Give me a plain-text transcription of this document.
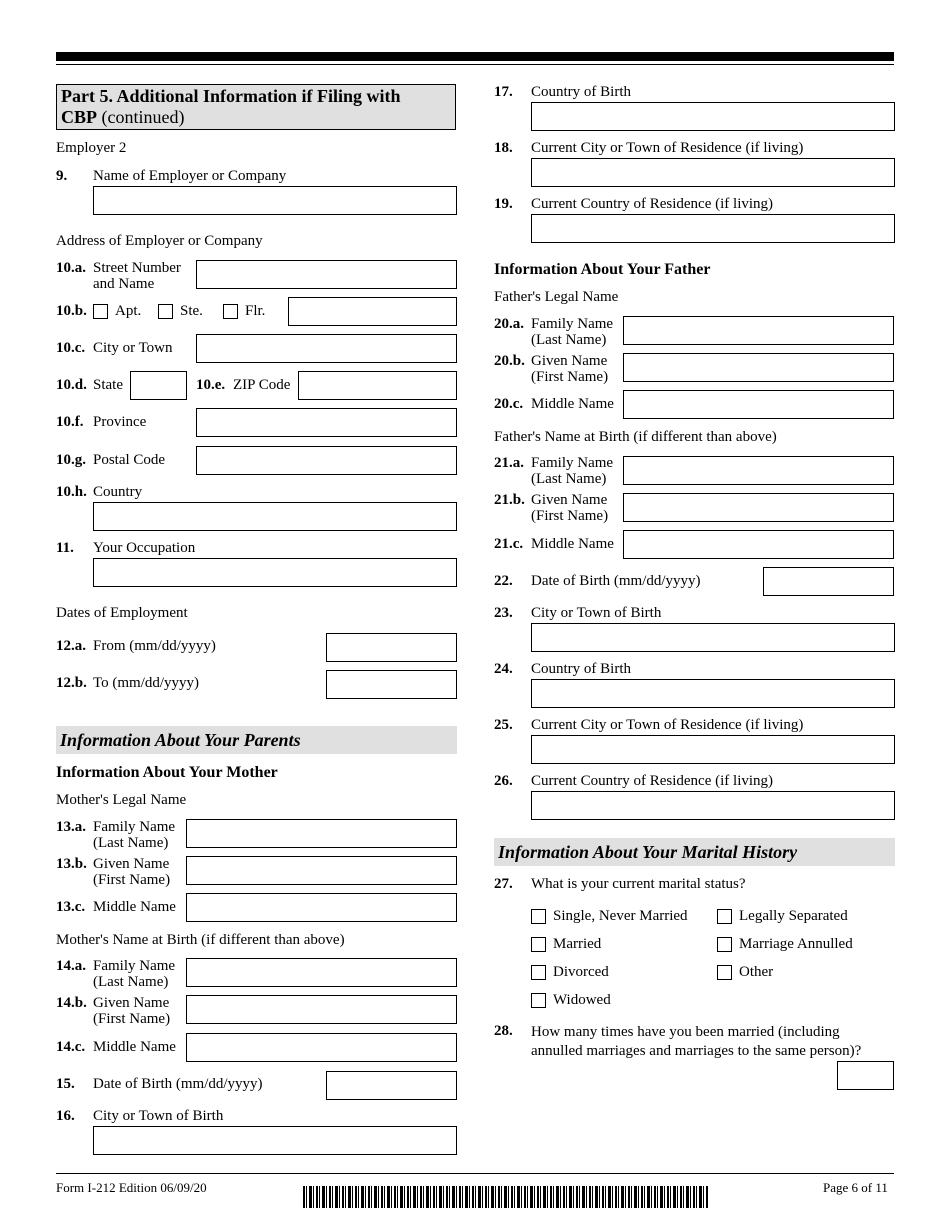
Part 5. Additional Information if Filing with
CBP (continued)
Employer 2
9. Name of Employer or Company
Address of Employer or Company
10.a. Street Number
and Name
10.b. Apt.	Ste.	Flr.
10.c. City or Town
10.d. State	10.e. ZIP Code
10.f. Province
10.g. Postal Code
10.h. Country
11. Your Occupation
Dates of Employment
12.a. From (mm/dd/yyyy)
12.b. To (mm/dd/yyyy)
Information About Your Parents
Information About Your Mother
Mother's Legal Name
13.a. Family Name
(Last Name)
13.b. Given Name
(First Name)
13.c. Middle Name
Mother's Name at Birth (if different than above)
14.a. Family Name
(Last Name)
14.b. Given Name
(First Name)
14.c. Middle Name
15. Date of Birth (mm/dd/yyyy)
16. City or Town of Birth
17. Country of Birth
18. Current City or Town of Residence (if living)
19. Current Country of Residence (if living)
Information About Your Father
Father's Legal Name
20.a. Family Name
(Last Name)
20.b. Given Name
(First Name)
20.c. Middle Name
Father's Name at Birth (if different than above)
21.a. Family Name
(Last Name)
21.b. Given Name
(First Name)
21.c. Middle Name
22. Date of Birth (mm/dd/yyyy)
23. City or Town of Birth
24. Country of Birth
25. Current City or Town of Residence (if living)
26. Current Country of Residence (if living)
Information About Your Marital History
27. What is your current marital status?
Single, Never Married	Legally Separated
Married	Marriage Annulled
Divorced	Other
Widowed
28. How many times have you been married (including
annulled marriages and marriages to the same person)?
Form I-212 Edition 06/09/20	Page 6 of 11
